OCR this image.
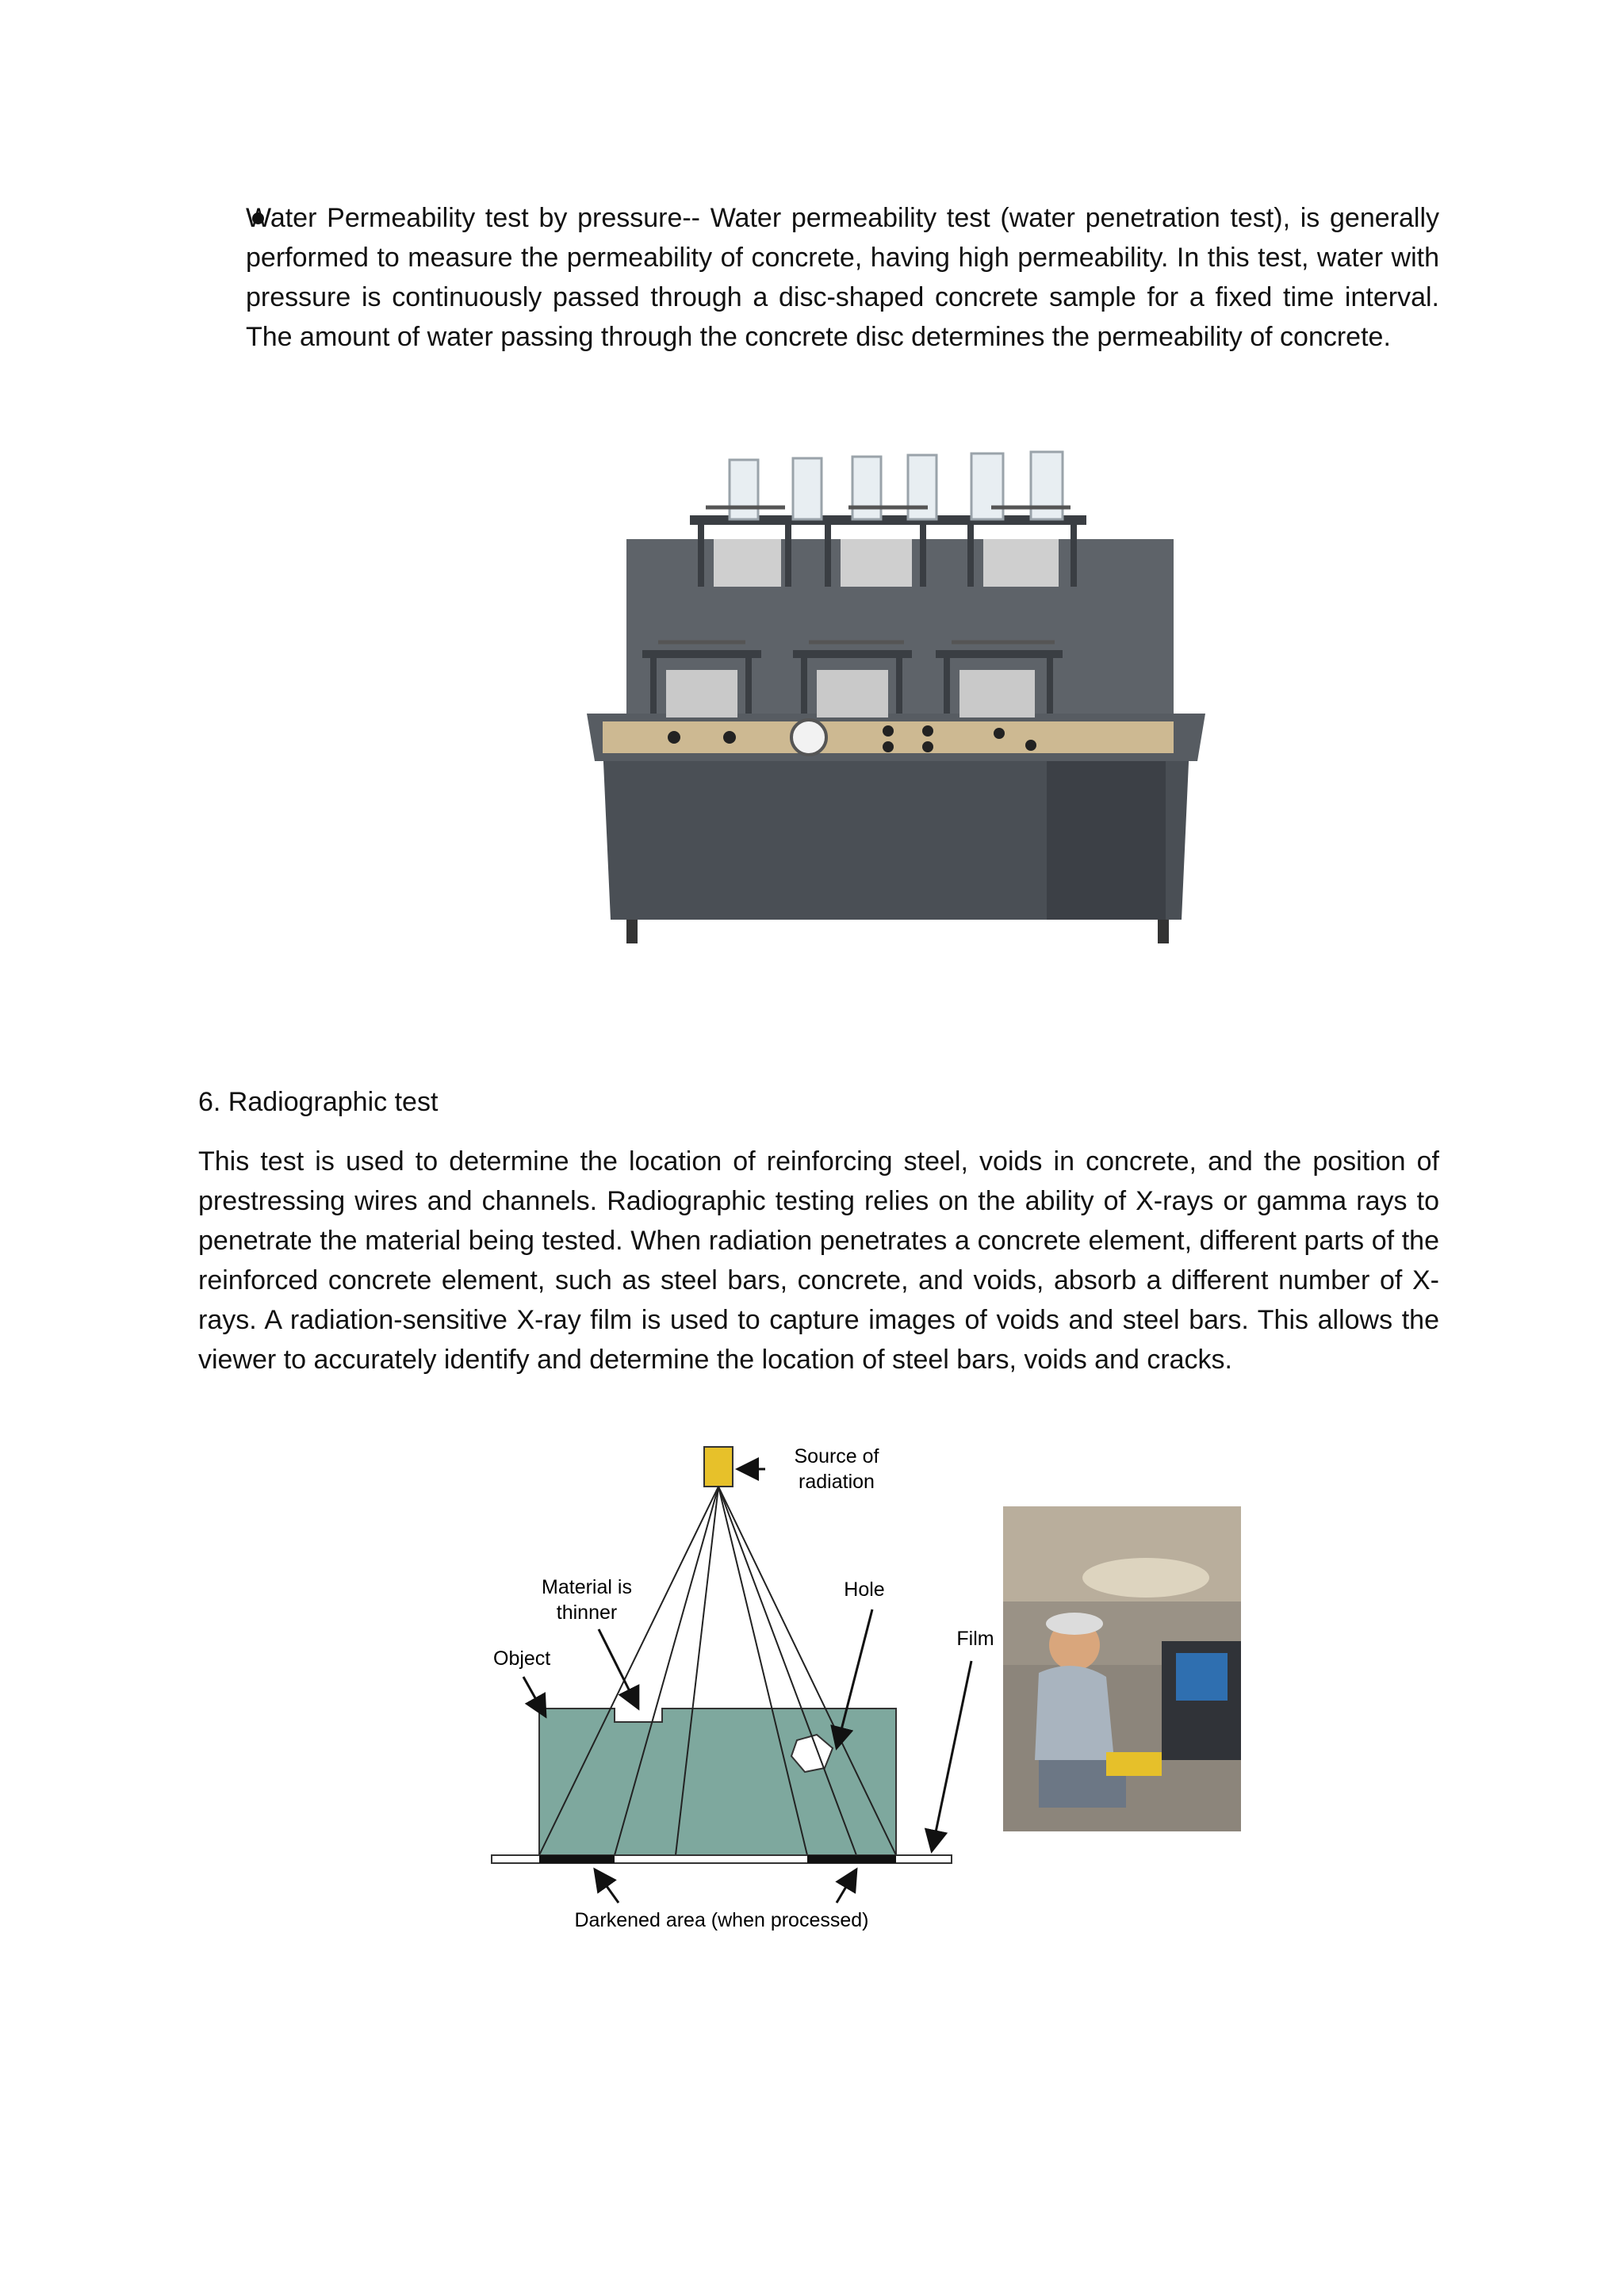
Water Permeability test by pressure-- Water permeability test (water penetration test), is generally performed to measure the permeability of concrete, having high permeability. In this test, water with pressure is continuously passed through a disc-shaped concrete sample for a fixed time interval. The amount of water passing through the concrete disc determines the permeability of concrete.
6. Radiographic test
This test is used to determine the location of reinforcing steel, voids in concrete, and the position of prestressing wires and channels. Radiographic testing relies on the ability of X-rays or gamma rays to penetrate the material being tested. When radiation penetrates a concrete element, different parts of the reinforced concrete element, such as steel bars, concrete, and voids, absorb a different number of X-rays. A radiation-sensitive X-ray film is used to capture images of voids and steel bars. This allows the viewer to accurately identify and determine the location of steel bars, voids and cracks.
Source of
radiation
Material is
thinner
Object
Hole
Film
Darkened area (when processed)
